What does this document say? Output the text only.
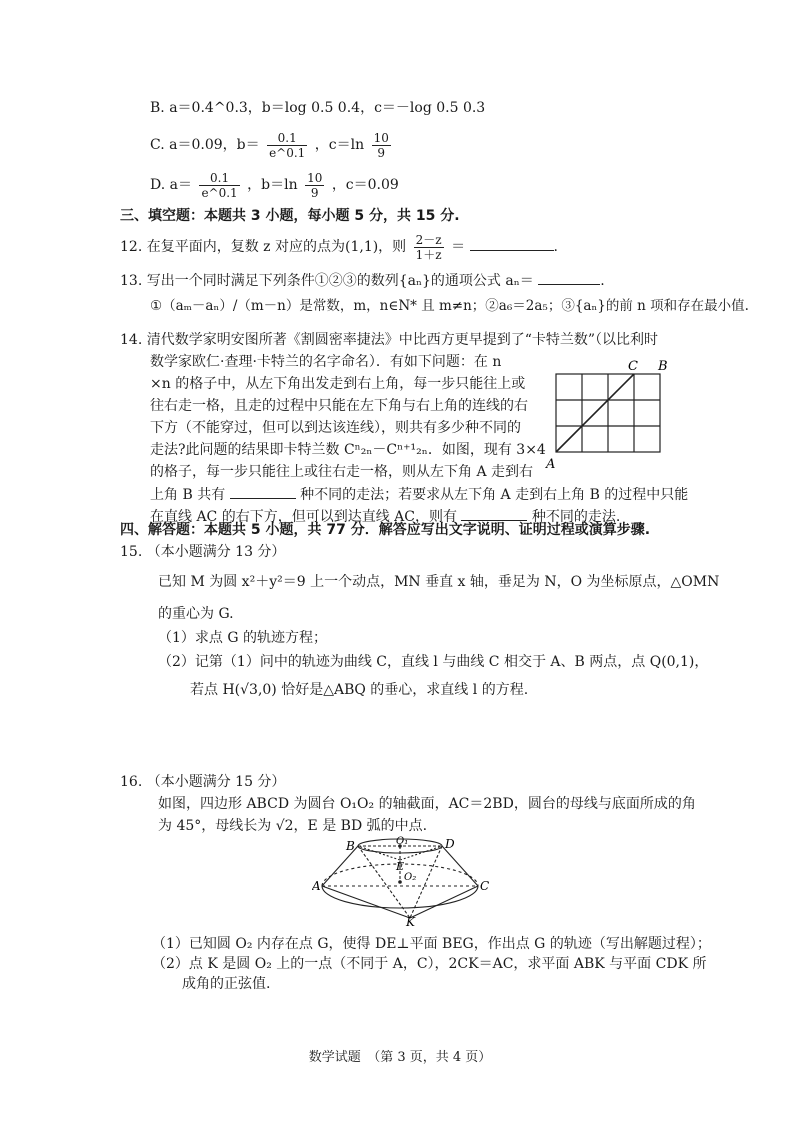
B. a＝0.4^0.3，b＝log 0.5 0.4，c＝－log 0.5 0.3
C. a＝0.09，$b= \frac{0.1}{e\^{}0.1}$ ，$c=\ln \frac{10}{9}$
D. $a= \frac{0.1}{e\^{}0.1}$ ，$b=\ln \frac{10}{9}$ ，c＝0.09
三、填空题：本题共 3 小题，每小题 5 分，共 15 分.
12. 在复平面内，复数 z 对应的点为(1,1)，则 $\frac{2-z}{1+z}$ ＝	.
13. 写出一个同时满足下列条件①②③的数列{aₙ}的通项公式 aₙ＝	.
①（aₘ－aₙ）/（m－n）是常数，m，n∈N* 且 m≠n；②a₆＝2a₅；③{aₙ}的前 n 项和存在最小值.
14. 清代数学家明安图所著《割圆密率捷法》中比西方更早提到了“卡特兰数”（以比利时
数学家欧仁·查理·卡特兰的名字命名）．有如下问题：在 n
×n 的格子中，从左下角出发走到右上角，每一步只能往上或
往右走一格，且走的过程中只能在左下角与右上角的连线的右
下方（不能穿过，但可以到达该连线），则共有多少种不同的
走法?此问题的结果即卡特兰数 Cⁿ₂ₙ－Cⁿ⁺¹₂ₙ．如图，现有 3×4
的格子，每一步只能往上或往右走一格，则从左下角 A 走到右
上角 B 共有	种不同的走法；若要求从左下角 A 走到右上角 B 的过程中只能
在直线 AC 的右下方，但可以到达直线 AC，则有	种不同的走法.
A
C B
四、解答题：本题共 5 小题，共 77 分．解答应写出文字说明、证明过程或演算步骤.
15. （本小题满分 13 分）
已知 M 为圆 x²＋y²＝9 上一个动点，MN 垂直 x 轴，垂足为 N，O 为坐标原点，△OMN
的重心为 G.
（1）求点 G 的轨迹方程；
（2）记第（1）问中的轨迹为曲线 C，直线 l 与曲线 C 相交于 A、B 两点，点 Q(0,1)，
若点 H(√3,0) 恰好是△ABQ 的垂心，求直线 l 的方程.
16. （本小题满分 15 分）
如图，四边形 ABCD 为圆台 O₁O₂ 的轴截面，AC＝2BD，圆台的母线与底面所成的角
为 45°，母线长为 √2，E 是 BD 弧的中点.
B	O₁	D
E
A
O₂
C
K
（1）已知圆 O₂ 内存在点 G，使得 DE⊥平面 BEG，作出点 G 的轨迹（写出解题过程）；
（2）点 K 是圆 O₂ 上的一点（不同于 A，C），2CK＝AC，求平面 ABK 与平面 CDK 所
成角的正弦值.
数学试题　（第 3 页，共 4 页）
